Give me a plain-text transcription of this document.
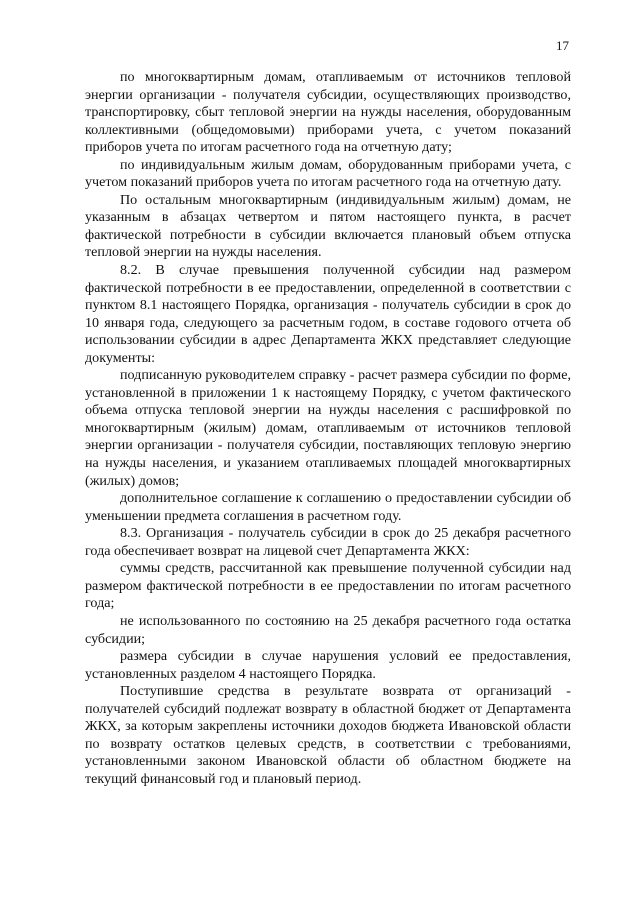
17

по многоквартирным домам, отапливаемым от источников тепловой энергии организации - получателя субсидии, осуществляющих производство, транспортировку, сбыт тепловой энергии на нужды населения, оборудованным коллективными (общедомовыми) приборами учета, с учетом показаний приборов учета по итогам расчетного года на отчетную дату;

по индивидуальным жилым домам, оборудованным приборами учета, с учетом показаний приборов учета по итогам расчетного года на отчетную дату.

По остальным многоквартирным (индивидуальным жилым) домам, не указанным в абзацах четвертом и пятом настоящего пункта, в расчет фактической потребности в субсидии включается плановый объем отпуска тепловой энергии на нужды населения.

8.2. В случае превышения полученной субсидии над размером фактической потребности в ее предоставлении, определенной в соответствии с пунктом 8.1 настоящего Порядка, организация - получатель субсидии в срок до 10 января года, следующего за расчетным годом, в составе годового отчета об использовании субсидии в адрес Департамента ЖКХ представляет следующие документы:

подписанную руководителем справку - расчет размера субсидии по форме, установленной в приложении 1 к настоящему Порядку, с учетом фактического объема отпуска тепловой энергии на нужды населения с расшифровкой по многоквартирным (жилым) домам, отапливаемым от источников тепловой энергии организации - получателя субсидии, поставляющих тепловую энергию на нужды населения, и указанием отапливаемых площадей многоквартирных (жилых) домов;

дополнительное соглашение к соглашению о предоставлении субсидии об уменьшении предмета соглашения в расчетном году.

8.3. Организация - получатель субсидии в срок до 25 декабря расчетного года обеспечивает возврат на лицевой счет Департамента ЖКХ:

суммы средств, рассчитанной как превышение полученной субсидии над размером фактической потребности в ее предоставлении по итогам расчетного года;

не использованного по состоянию на 25 декабря расчетного года остатка субсидии;

размера субсидии в случае нарушения условий ее предоставления, установленных разделом 4 настоящего Порядка.

Поступившие средства в результате возврата от организаций - получателей субсидий подлежат возврату в областной бюджет от Департамента ЖКХ, за которым закреплены источники доходов бюджета Ивановской области по возврату остатков целевых средств, в соответствии с требованиями, установленными законом Ивановской области об областном бюджете на текущий финансовый год и плановый период.
